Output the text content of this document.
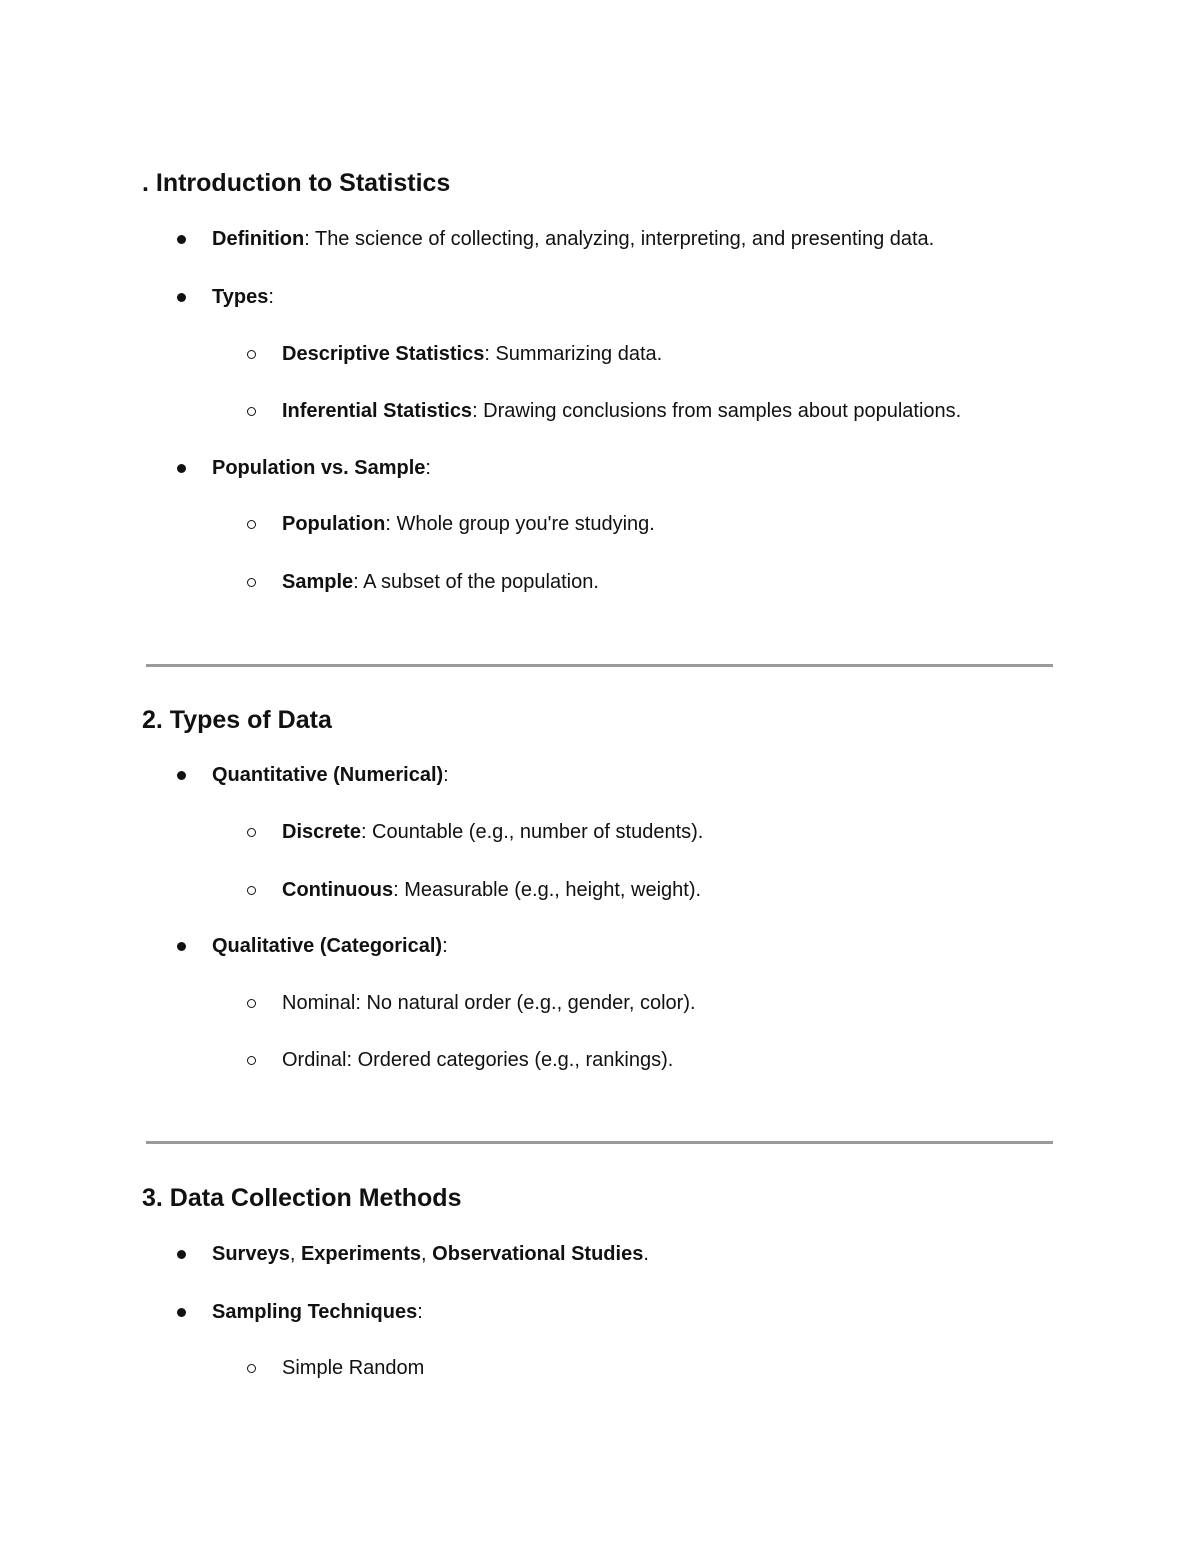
. Introduction to Statistics
Definition: The science of collecting, analyzing, interpreting, and presenting data.
Types:
Descriptive Statistics: Summarizing data.
Inferential Statistics: Drawing conclusions from samples about populations.
Population vs. Sample:
Population: Whole group you're studying.
Sample: A subset of the population.
2. Types of Data
Quantitative (Numerical):
Discrete: Countable (e.g., number of students).
Continuous: Measurable (e.g., height, weight).
Qualitative (Categorical):
Nominal: No natural order (e.g., gender, color).
Ordinal: Ordered categories (e.g., rankings).
3. Data Collection Methods
Surveys, Experiments, Observational Studies.
Sampling Techniques:
Simple Random
